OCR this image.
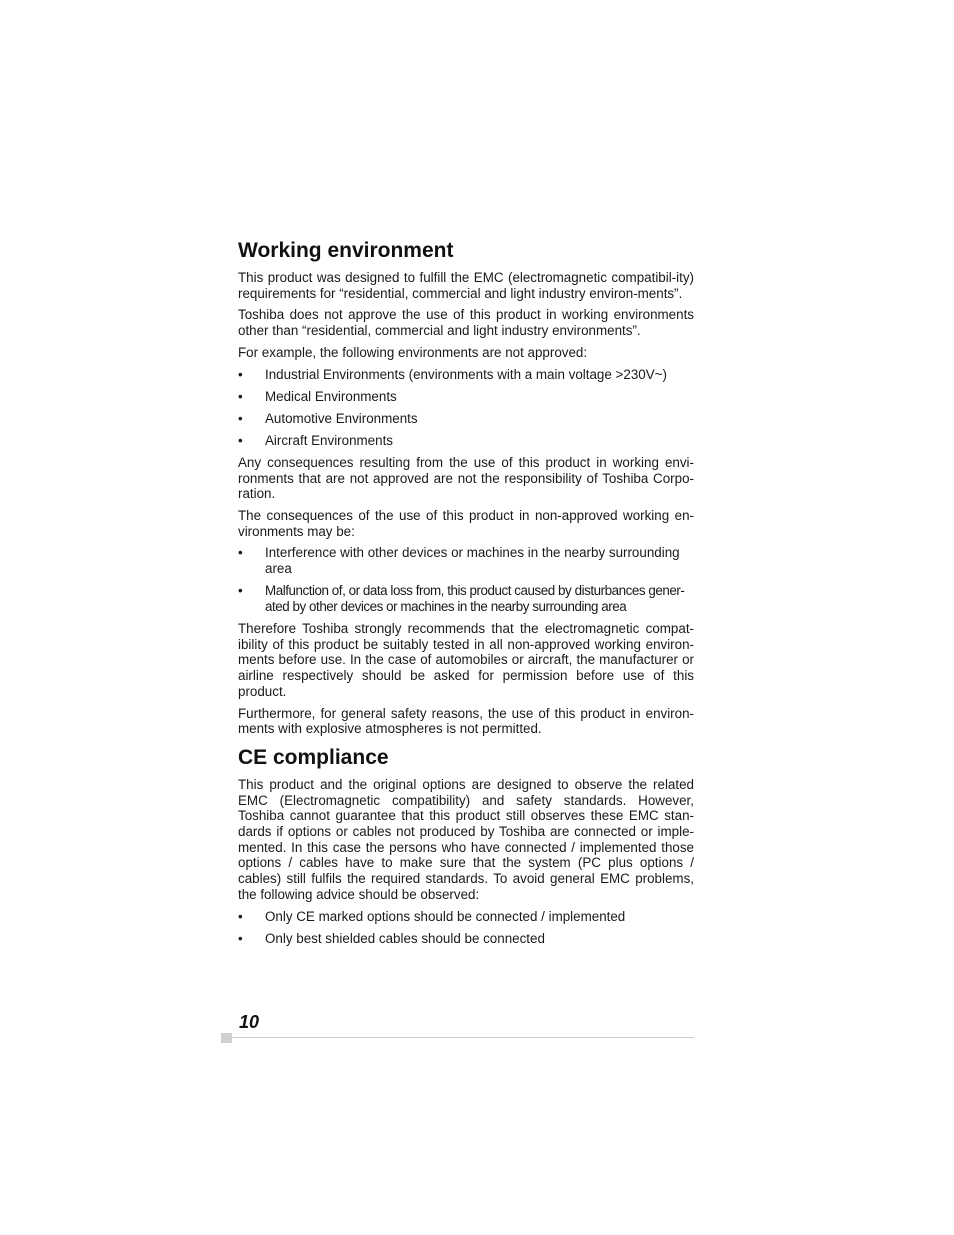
Working environment

This product was designed to fulfill the EMC (electromagnetic compatibil-ity) requirements for “residential, commercial and light industry environ-ments”.

Toshiba does not approve the use of this product in working environments other than “residential, commercial and light industry environments”.

For example, the following environments are not approved:

•	Industrial Environments (environments with a main voltage >230V~)
•	Medical Environments
•	Automotive Environments
•	Aircraft Environments

Any consequences resulting from the use of this product in working envi-ronments that are not approved are not the responsibility of Toshiba Corpo-ration.

The consequences of the use of this product in non-approved working en-vironments may be:

•	Interference with other devices or machines in the nearby surrounding area
•	Malfunction of, or data loss from, this product caused by disturbances gener-ated by other devices or machines in the nearby surrounding area

Therefore Toshiba strongly recommends that the electromagnetic compat-ibility of this product be suitably tested in all non-approved working environ-ments before use. In the case of automobiles or aircraft, the manufacturer or airline respectively should be asked for permission before use of this product.

Furthermore, for general safety reasons, the use of this product in environ-ments with explosive atmospheres is not permitted.

CE compliance

This product and the original options are designed to observe the related EMC (Electromagnetic compatibility) and safety standards. However, Toshiba cannot guarantee that this product still observes these EMC stan-dards if options or cables not produced by Toshiba are connected or imple-mented. In this case the persons who have connected / implemented those options / cables have to make sure that the system (PC plus options / cables) still fulfils the required standards. To avoid general EMC problems, the following advice should be observed:

•	Only CE marked options should be connected / implemented
•	Only best shielded cables should be connected
10
